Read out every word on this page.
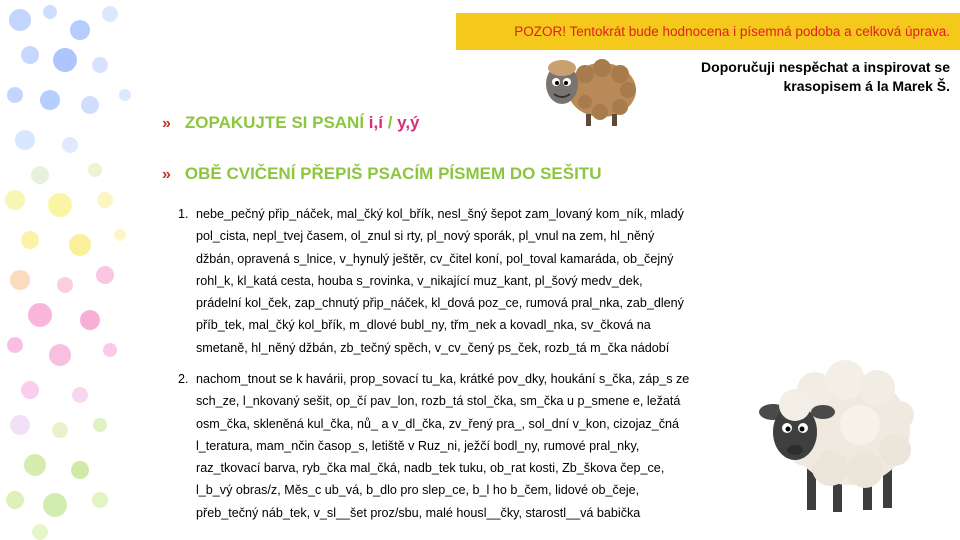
POZOR! Tentokrát bude hodnocena i písemná podoba a celková úprava.
Doporučuji nespěchat a inspirovat se
krasopisem á la Marek Š.
» ZOPAKUJTE SI PSANÍ i,í / y,ý
» OBĚ CVIČENÍ PŘEPIŠ PSACÍM PÍSMEM DO SEŠITU
1. nebe_pečný přip_náček, mal_čký kol_břík, nesl_šný šepot zam_lovaný kom_ník, mladý
pol_cista, nepl_tvej časem, ol_znul si rty, pl_nový sporák, pl_vnul na zem, hl_něný
džbán, opravená s_lnice, v_hynulý ještěr, cv_čitel koní, pol_toval kamaráda, ob_čejný
rohl_k, kl_katá cesta, houba s_rovinka, v_nikající muz_kant, pl_šový medv_dek,
prádelní kol_ček, zap_chnutý přip_náček, kl_dová poz_ce, rumová pral_nka, zab_dlený
příb_tek, mal_čký kol_břík, m_dlové bubl_ny, třm_nek a kovadl_nka, sv_čková na
smetaně, hl_něný džbán, zb_tečný spěch, v_cv_čený ps_ček, rozb_tá m_čka nádobí
2. nachom_tnout se k havárii, prop_sovací tu_ka, krátké pov_dky, houkání s_čka, záp_s ze
sch_ze, l_nkovaný sešit, op_čí pav_lon, rozb_tá stol_čka, sm_čka u p_smene e, ležatá
osm_čka, skleněná kul_čka, nů_ a v_dl_čka, zv_řený pra_, sol_dní v_kon, cizojaz_čná
l_teratura, mam_nčin časop_s, letiště v Ruz_ni, ježčí bodl_ny, rumové pral_nky,
raz_tkovací barva, ryb_čka mal_čká, nadb_tek tuku, ob_rat kosti, Zb_škova čep_ce,
l_b_vý obras/z, Měs_c ub_vá, b_dlo pro slep_ce, b_l ho b_čem, lidové ob_čeje,
přeb_tečný náb_tek, v_sl__šet proz/sbu, malé housl__čky, starostl__vá babička
